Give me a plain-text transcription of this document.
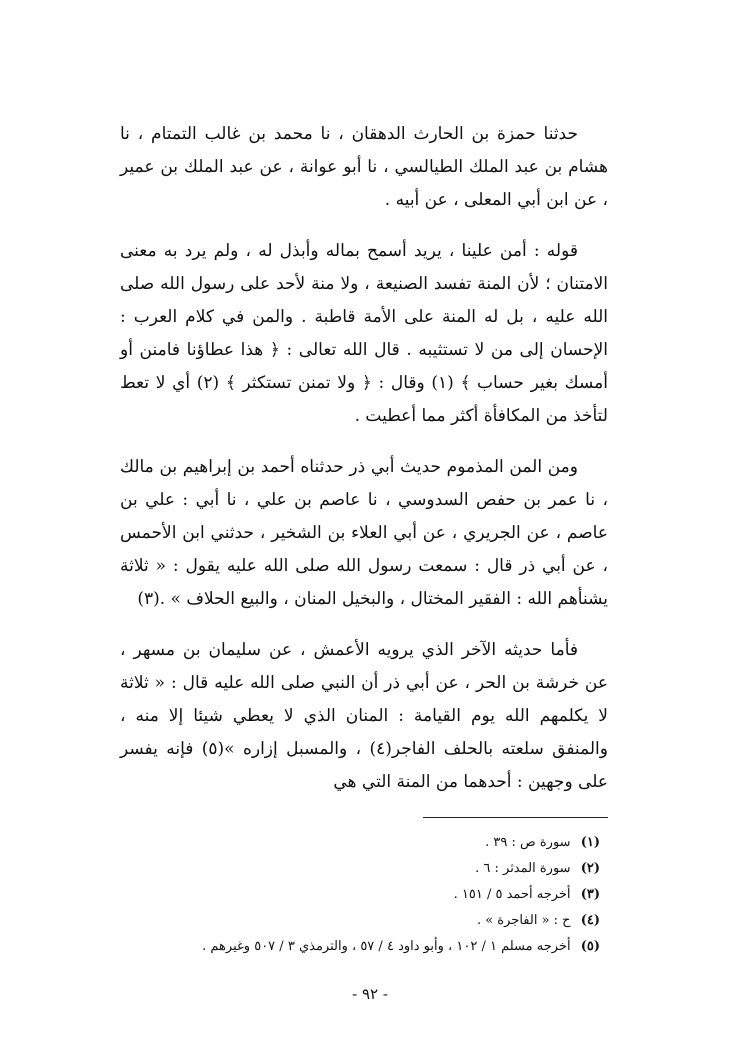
حدثنا حمزة بن الحارث الدهقان ، نا محمد بن غالب التمتام ، نا هشام بن عبد الملك الطيالسي ، نا أبو عوانة ، عن عبد الملك بن عمير ، عن ابن أبي المعلى ، عن أبيه .

قوله : أمن علينا ، يريد أسمح بماله وأبذل له ، ولم يرد به معنى الامتنان ؛ لأن المنة تفسد الصنيعة ، ولا منة لأحد على رسول الله صلى الله عليه ، بل له المنة على الأمة قاطبة . والمن في كلام العرب : الإحسان إلى من لا تستثيبه . قال الله تعالى : ﴿ هذا عطاؤنا فامنن أو أمسك بغير حساب ﴾ (١) وقال : ﴿ ولا تمنن تستكثر ﴾ (٢) أي لا تعط لتأخذ من المكافأة أكثر مما أعطيت .

ومن المن المذموم حديث أبي ذر حدثناه أحمد بن إبراهيم بن مالك ، نا عمر بن حفص السدوسي ، نا عاصم بن علي ، نا أبي : علي بن عاصم ، عن الجريري ، عن أبي العلاء بن الشخير ، حدثني ابن الأحمس ، عن أبي ذر قال : سمعت رسول الله صلى الله عليه يقول : « ثلاثة يشنأهم الله : الفقير المختال ، والبخيل المنان ، والبيع الحلاف » .(٣)

فأما حديثه الآخر الذي يرويه الأعمش ، عن سليمان بن مسهر ، عن خرشة بن الحر ، عن أبي ذر أن النبي صلى الله عليه قال : « ثلاثة لا يكلمهم الله يوم القيامة : المنان الذي لا يعطي شيئا إلا منه ، والمنفق سلعته بالحلف الفاجر(٤) ، والمسبل إزاره »(٥) فإنه يفسر على وجهين : أحدهما من المنة التي هي

(١) سورة ص : ٣٩ .
(٢) سورة المدثر : ٦ .
(٣) أخرجه أحمد ٥ / ١٥١ .
(٤) ح : « الفاجرة » .
(٥) أخرجه مسلم ١ / ١٠٢ ، وأبو داود ٤ / ٥٧ ، والترمذي ٣ / ٥٠٧ وغيرهم .
- ٩٢ -
